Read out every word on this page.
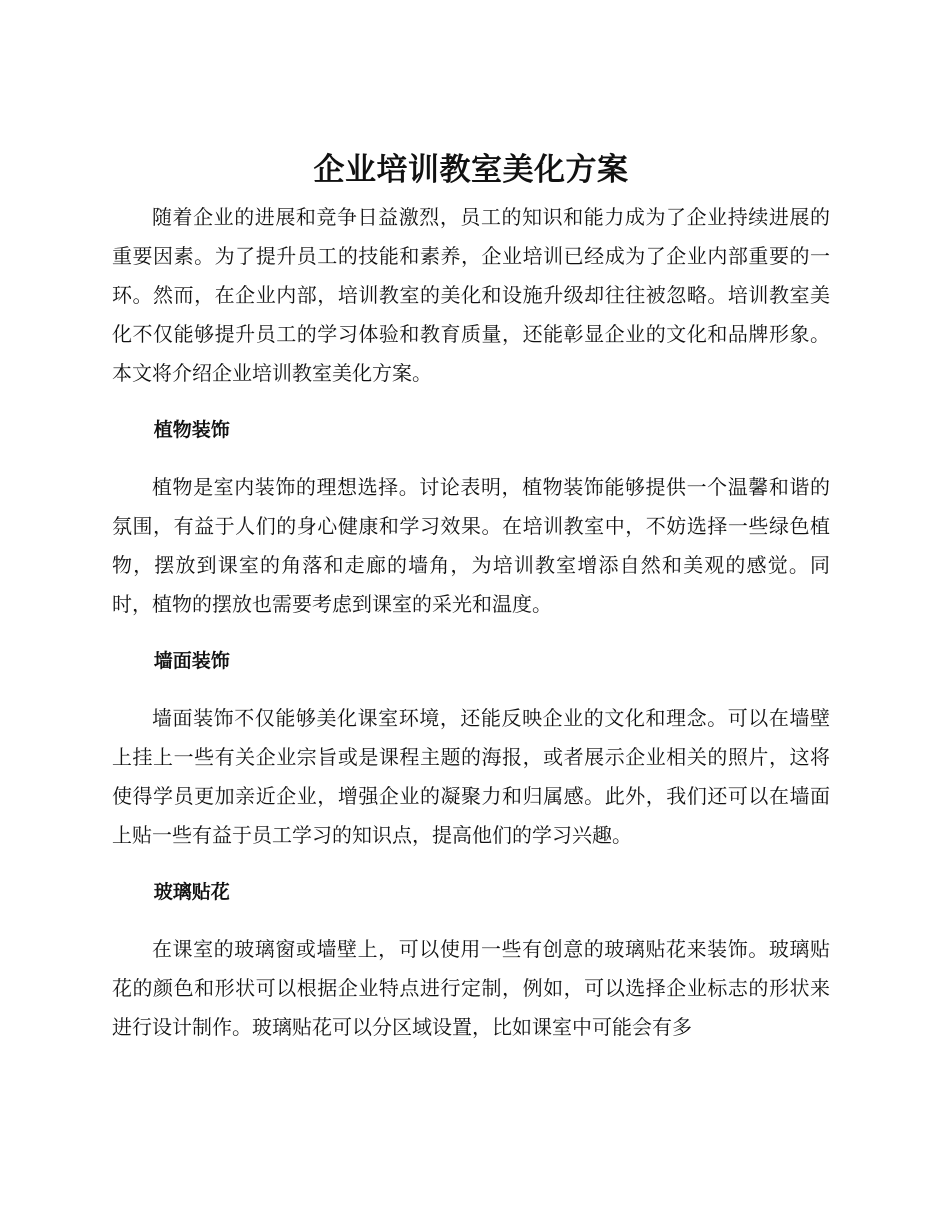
企业培训教室美化方案

随着企业的进展和竞争日益激烈，员工的知识和能力成为了企业持续进展的重要因素。为了提升员工的技能和素养，企业培训已经成为了企业内部重要的一环。然而，在企业内部，培训教室的美化和设施升级却往往被忽略。培训教室美化不仅能够提升员工的学习体验和教育质量，还能彰显企业的文化和品牌形象。本文将介绍企业培训教室美化方案。

植物装饰

植物是室内装饰的理想选择。讨论表明，植物装饰能够提供一个温馨和谐的氛围，有益于人们的身心健康和学习效果。在培训教室中，不妨选择一些绿色植物，摆放到课室的角落和走廊的墙角，为培训教室增添自然和美观的感觉。同时，植物的摆放也需要考虑到课室的采光和温度。

墙面装饰

墙面装饰不仅能够美化课室环境，还能反映企业的文化和理念。可以在墙壁上挂上一些有关企业宗旨或是课程主题的海报，或者展示企业相关的照片，这将使得学员更加亲近企业，增强企业的凝聚力和归属感。此外，我们还可以在墙面上贴一些有益于员工学习的知识点，提高他们的学习兴趣。

玻璃贴花

在课室的玻璃窗或墙壁上，可以使用一些有创意的玻璃贴花来装饰。玻璃贴花的颜色和形状可以根据企业特点进行定制，例如，可以选择企业标志的形状来进行设计制作。玻璃贴花可以分区域设置，比如课室中可能会有多
